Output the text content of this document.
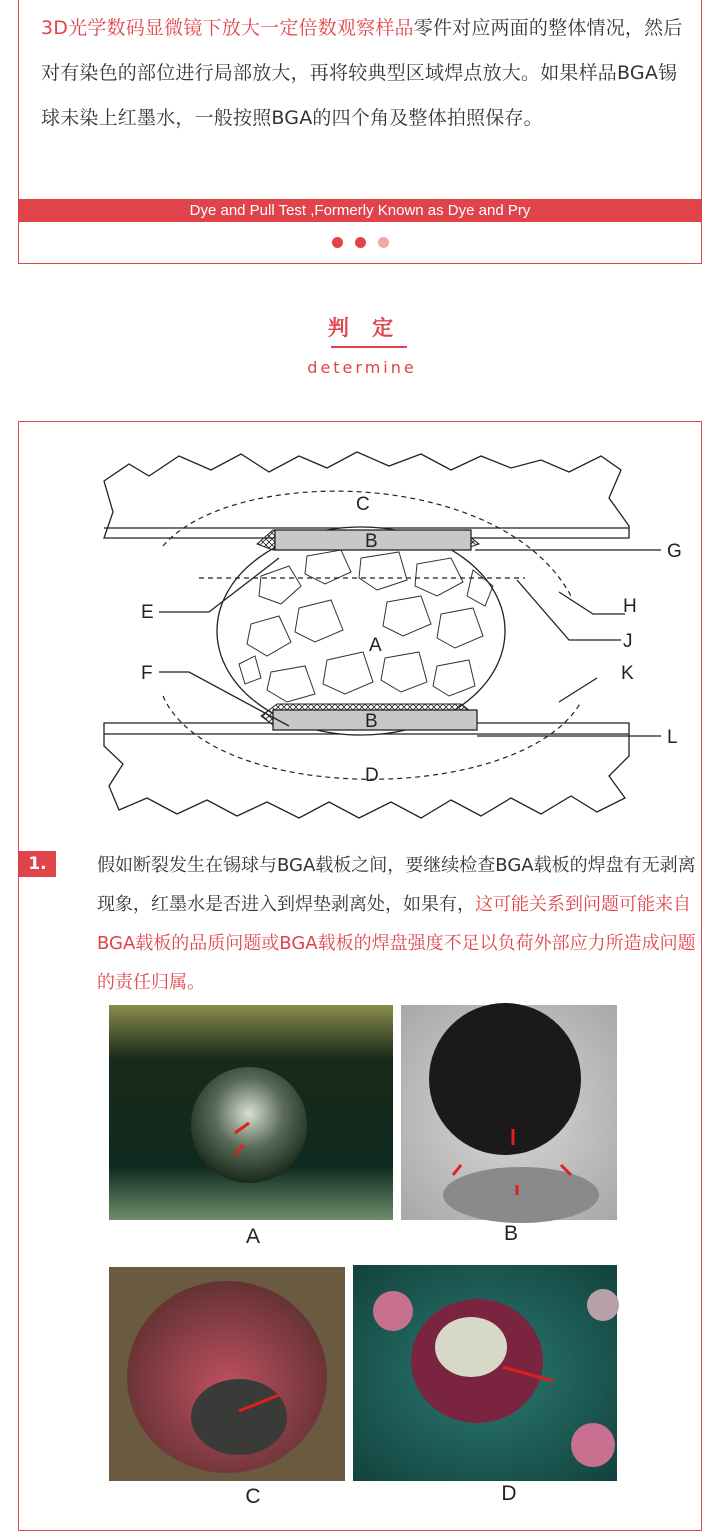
3D光学数码显微镜下放大一定倍数观察样品零件对应两面的整体情况，然后对有染色的部位进行局部放大，再将较典型区域焊点放大。如果样品BGA锡球未染上红墨水，一般按照BGA的四个角及整体拍照保存。

Dye and Pull Test ,Formerly Known as Dye and Pry
判 定
determine
C
B	G
E	H
J
A
F	K
B
L
D
1.	假如断裂发生在锡球与BGA载板之间，要继续检查BGA载板的焊盘有无剥离现象，红墨水是否进入到焊垫剥离处，如果有，这可能关系到问题可能来自BGA载板的品质问题或BGA载板的焊盘强度不足以负荷外部应力所造成问题的责任归属。

A	B
C	D
